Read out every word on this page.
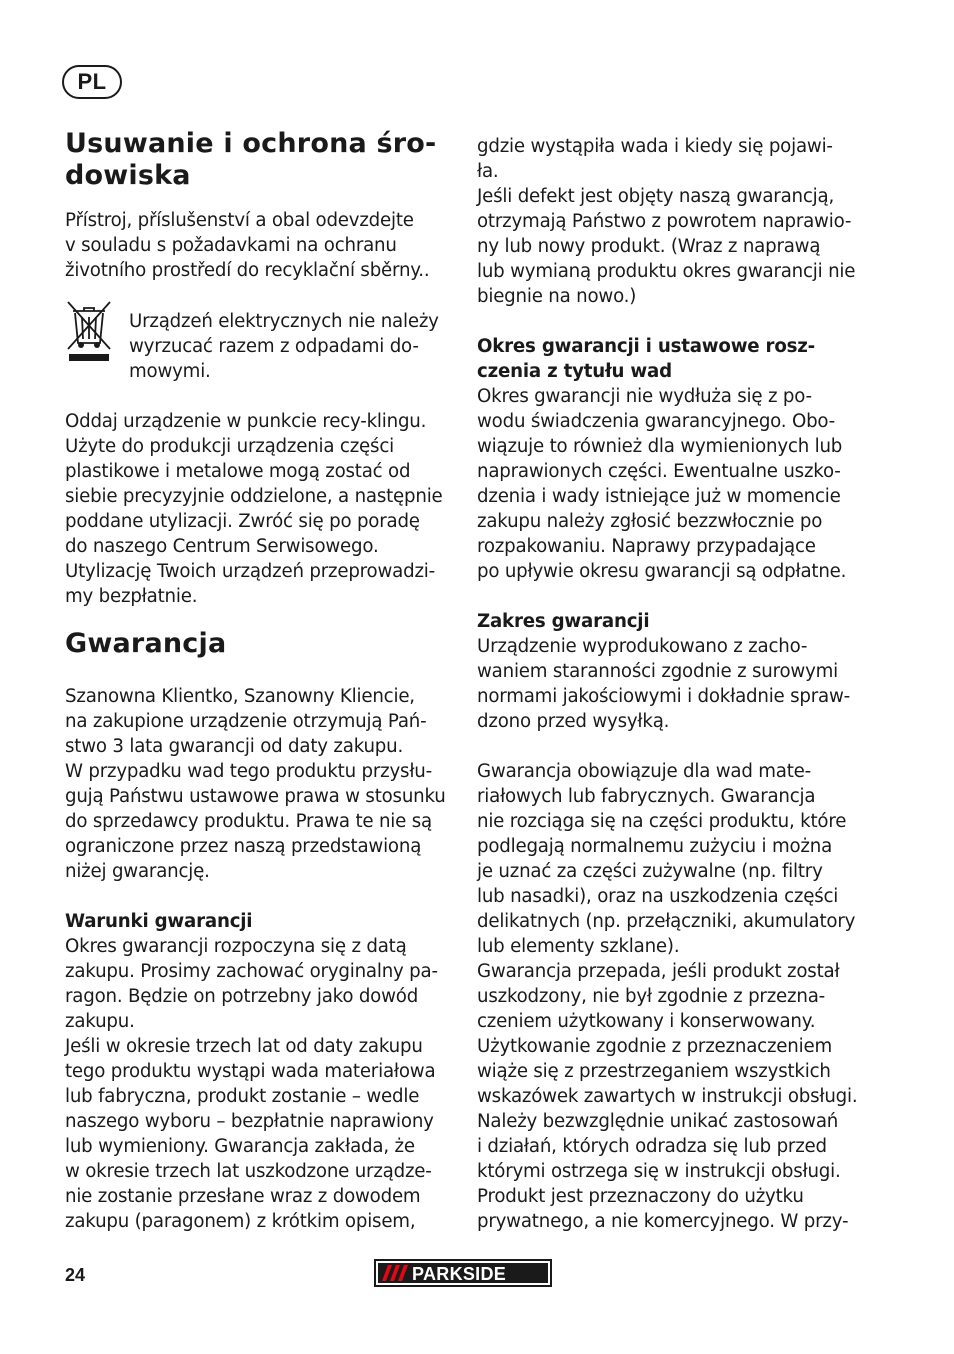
PL
Usuwanie i ochrona śro-
dowiska

Přístroj, příslušenství a obal odevzdejte
v souladu s požadavkami na ochranu
životního prostředí do recyklační sběrny..

Urządzeń elektrycznych nie należy
wyrzucać razem z odpadami do-
mowymi.

Oddaj urządzenie w punkcie recy-klingu.
Użyte do produkcji urządzenia części
plastikowe i metalowe mogą zostać od
siebie precyzyjnie oddzielone, a następnie
poddane utylizacji. Zwróć się po poradę
do naszego Centrum Serwisowego.
Utylizację Twoich urządzeń przeprowadzi-
my bezpłatnie.

Gwarancja

Szanowna Klientko, Szanowny Kliencie,
na zakupione urządzenie otrzymują Pań-
stwo 3 lata gwarancji od daty zakupu.
W przypadku wad tego produktu przysłu-
gują Państwu ustawowe prawa w stosunku
do sprzedawcy produktu. Prawa te nie są
ograniczone przez naszą przedstawioną
niżej gwarancję.

Warunki gwarancji

Okres gwarancji rozpoczyna się z datą
zakupu. Prosimy zachować oryginalny pa-
ragon. Będzie on potrzebny jako dowód
zakupu.
Jeśli w okresie trzech lat od daty zakupu
tego produktu wystąpi wada materiałowa
lub fabryczna, produkt zostanie – wedle
naszego wyboru – bezpłatnie naprawiony
lub wymieniony. Gwarancja zakłada, że
w okresie trzech lat uszkodzone urządze-
nie zostanie przesłane wraz z dowodem
zakupu (paragonem) z krótkim opisem,

gdzie wystąpiła wada i kiedy się pojawi-
ła.
Jeśli defekt jest objęty naszą gwarancją,
otrzymają Państwo z powrotem naprawio-
ny lub nowy produkt. (Wraz z naprawą
lub wymianą produktu okres gwarancji nie
biegnie na nowo.)

Okres gwarancji i ustawowe rosz-
czenia z tytułu wad

Okres gwarancji nie wydłuża się z po-
wodu świadczenia gwarancyjnego. Obo-
wiązuje to również dla wymienionych lub
naprawionych części. Ewentualne uszko-
dzenia i wady istniejące już w momencie
zakupu należy zgłosić bezzwłocznie po
rozpakowaniu. Naprawy przypadające
po upływie okresu gwarancji są odpłatne.

Zakres gwarancji

Urządzenie wyprodukowano z zacho-
waniem staranności zgodnie z surowymi
normami jakościowymi i dokładnie spraw-
dzono przed wysyłką.

Gwarancja obowiązuje dla wad mate-
riałowych lub fabrycznych. Gwarancja
nie rozciąga się na części produktu, które
podlegają normalnemu zużyciu i można
je uznać za części zużywalne (np. filtry
lub nasadki), oraz na uszkodzenia części
delikatnych (np. przełączniki, akumulatory
lub elementy szklane).
Gwarancja przepada, jeśli produkt został
uszkodzony, nie był zgodnie z przezna-
czeniem użytkowany i konserwowany.
Użytkowanie zgodnie z przeznaczeniem
wiąże się z przestrzeganiem wszystkich
wskazówek zawartych w instrukcji obsługi.
Należy bezwzględnie unikać zastosowań
i działań, których odradza się lub przed
którymi ostrzega się w instrukcji obsługi.
Produkt jest przeznaczony do użytku
prywatnego, a nie komercyjnego. W przy-

24	PARKSIDE
